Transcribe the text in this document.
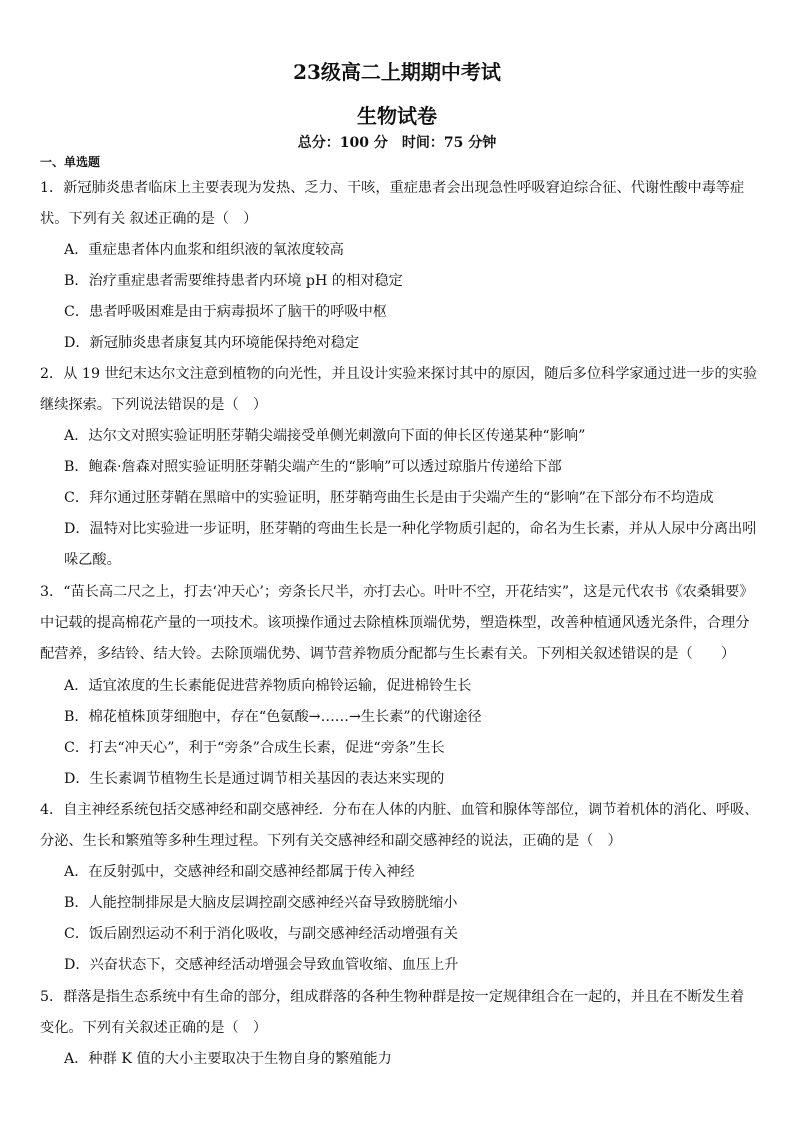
23级高二上期期中考试
生物试卷
总分：100 分　时间：75 分钟
一、单选题
1．新冠肺炎患者临床上主要表现为发热、乏力、干咳，重症患者会出现急性呼吸窘迫综合征、代谢性酸中毒等症
状。下列有关 叙述正确的是（　）
A．重症患者体内血浆和组织液的氧浓度较高
B．治疗重症患者需要维持患者内环境 pH 的相对稳定
C．患者呼吸困难是由于病毒损坏了脑干的呼吸中枢
D．新冠肺炎患者康复其内环境能保持绝对稳定
2．从 19 世纪末达尔文注意到植物的向光性，并且设计实验来探讨其中的原因，随后多位科学家通过进一步的实验
继续探索。下列说法错误的是（　）
A．达尔文对照实验证明胚芽鞘尖端接受单侧光刺激向下面的伸长区传递某种“影响”
B．鲍森·詹森对照实验证明胚芽鞘尖端产生的“影响”可以透过琼脂片传递给下部
C．拜尔通过胚芽鞘在黑暗中的实验证明，胚芽鞘弯曲生长是由于尖端产生的“影响”在下部分布不均造成
D．温特对比实验进一步证明，胚芽鞘的弯曲生长是一种化学物质引起的，命名为生长素，并从人尿中分离出吲
哚乙酸。
3．“苗长高二尺之上，打去‘冲天心’；旁条长尺半，亦打去心。叶叶不空，开花结实”，这是元代农书《农桑辑要》
中记载的提高棉花产量的一项技术。该项操作通过去除植株顶端优势，塑造株型，改善种植通风透光条件，合理分
配营养，多结铃、结大铃。去除顶端优势、调节营养物质分配都与生长素有关。下列相关叙述错误的是（　　）
A．适宜浓度的生长素能促进营养物质向棉铃运输，促进棉铃生长
B．棉花植株顶芽细胞中，存在“色氨酸→……→生长素”的代谢途径
C．打去“冲天心”，利于“旁条”合成生长素，促进“旁条”生长
D．生长素调节植物生长是通过调节相关基因的表达来实现的
4．自主神经系统包括交感神经和副交感神经．分布在人体的内脏、血管和腺体等部位，调节着机体的消化、呼吸、
分泌、生长和繁殖等多种生理过程。下列有关交感神经和副交感神经的说法，正确的是（　）
A．在反射弧中，交感神经和副交感神经都属于传入神经
B．人能控制排尿是大脑皮层调控副交感神经兴奋导致膀胱缩小
C．饭后剧烈运动不利于消化吸收，与副交感神经活动增强有关
D．兴奋状态下，交感神经活动增强会导致血管收缩、血压上升
5．群落是指生态系统中有生命的部分，组成群落的各种生物种群是按一定规律组合在一起的，并且在不断发生着
变化。下列有关叙述正确的是（　）
A．种群 K 值的大小主要取决于生物自身的繁殖能力
